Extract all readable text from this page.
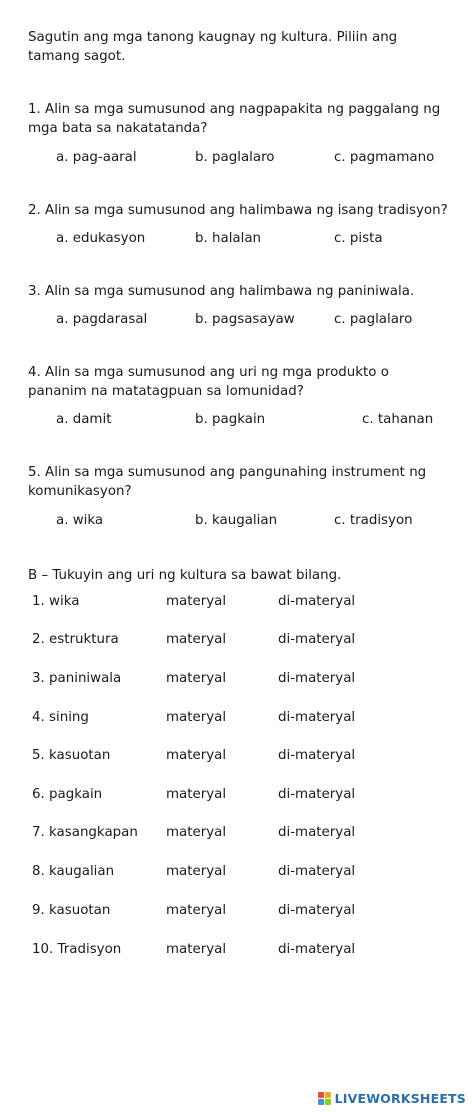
Sagutin ang mga tanong kaugnay ng kultura. Piliin ang tamang sagot.
1. Alin sa mga sumusunod ang nagpapakita ng paggalang ng mga bata sa nakatatanda?
a. pag-aaral	b. paglalaro	c. pagmamano
2. Alin sa mga sumusunod ang halimbawa ng isang tradisyon?
a. edukasyon	b. halalan	c. pista
3. Alin sa mga sumusunod ang halimbawa ng paniniwala.
a. pagdarasal	b. pagsasayaw	c. paglalaro
4. Alin sa mga sumusunod ang uri ng mga produkto o pananim na matatagpuan sa lomunidad?
a. damit	b. pagkain	c. tahanan
5. Alin sa mga sumusunod ang pangunahing instrument ng komunikasyon?
a. wika	b. kaugalian	c. tradisyon
B – Tukuyin ang uri ng kultura sa bawat bilang.
1. wika	materyal	di-materyal
2. estruktura	materyal	di-materyal
3. paniniwala	materyal	di-materyal
4. sining	materyal	di-materyal
5. kasuotan	materyal	di-materyal
6. pagkain	materyal	di-materyal
7. kasangkapan materyal	di-materyal
8. kaugalian	materyal	di-materyal
9. kasuotan	materyal	di-materyal
10. Tradisyon	materyal	di-materyal
LIVEWORKSHEETS
